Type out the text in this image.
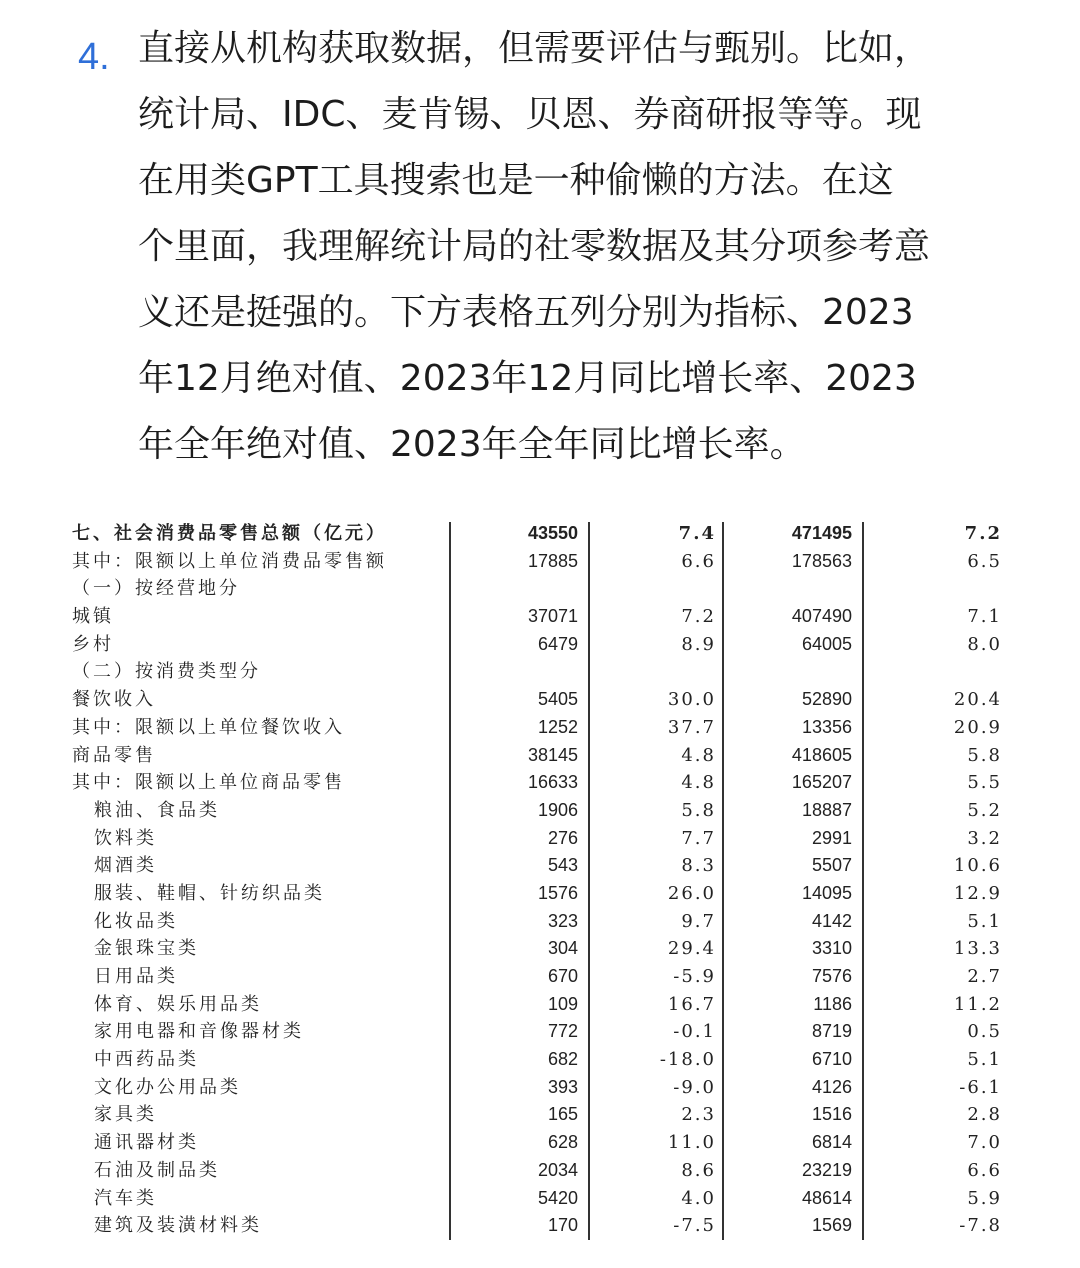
4. 直接从机构获取数据，但需要评估与甄别。比如，
统计局、IDC、麦肯锡、贝恩、券商研报等等。现
在用类GPT工具搜索也是一种偷懒的方法。在这
个里面，我理解统计局的社零数据及其分项参考意
义还是挺强的。下方表格五列分别为指标、2023
年12月绝对值、2023年12月同比增长率、2023
年全年绝对值、2023年全年同比增长率。
七、社会消费品零售总额（亿元）	43550	7.4	471495	7.2
其中：限额以上单位消费品零售额	17885	6.6	178563	6.5
（一）按经营地分
城镇	37071	7.2	407490	7.1
乡村	6479	8.9	64005	8.0
（二）按消费类型分
餐饮收入	5405	30.0	52890	20.4
其中：限额以上单位餐饮收入	1252	37.7	13356	20.9
商品零售	38145	4.8	418605	5.8
其中：限额以上单位商品零售	16633	4.8	165207	5.5
粮油、食品类	1906	5.8	18887	5.2
饮料类	276	7.7	2991	3.2
烟酒类	543	8.3	5507	10.6
服装、鞋帽、针纺织品类	1576	26.0	14095	12.9
化妆品类	323	9.7	4142	5.1
金银珠宝类	304	29.4	3310	13.3
日用品类	670	-5.9	7576	2.7
体育、娱乐用品类	109	16.7	1186	11.2
家用电器和音像器材类	772	-0.1	8719	0.5
中西药品类	682	-18.0	6710	5.1
文化办公用品类	393	-9.0	4126	-6.1
家具类	165	2.3	1516	2.8
通讯器材类	628	11.0	6814	7.0
石油及制品类	2034	8.6	23219	6.6
汽车类	5420	4.0	48614	5.9
建筑及装潢材料类	170	-7.5	1569	-7.8
